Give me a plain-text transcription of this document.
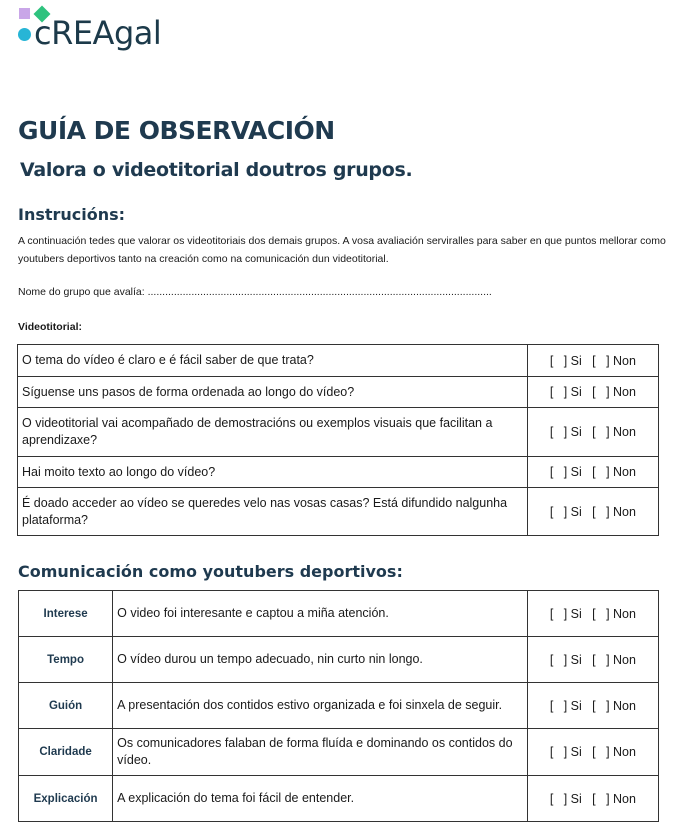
cREAgal
GUÍA DE OBSERVACIÓN
Valora o videotitorial doutros grupos.
Instrucións:
A continuación tedes que valorar os videotitoriais dos demais grupos. A vosa avaliación serviralles para saber en que puntos mellorar como youtubers deportivos tanto na creación como na comunicación dun videotitorial.
Nome do grupo que avalía: ......................................................................................................................
Videotitorial:
O tema do vídeo é claro e é fácil saber de que trata?	[   ] Si   [   ] Non
Síguense uns pasos de forma ordenada ao longo do vídeo?	[   ] Si   [   ] Non
O videotitorial vai acompañado de demostracións ou exemplos visuais que facilitan a aprendizaxe?	[   ] Si   [   ] Non
Hai moito texto ao longo do vídeo?	[   ] Si   [   ] Non
É doado acceder ao vídeo se queredes velo nas vosas casas? Está difundido nalgunha plataforma?	[   ] Si   [   ] Non
Comunicación como youtubers deportivos:
Interese	O video foi interesante e captou a miña atención.	[   ] Si   [   ] Non
Tempo	O vídeo durou un tempo adecuado, nin curto nin longo.	[   ] Si   [   ] Non
Guión	A presentación dos contidos estivo organizada e foi sinxela de seguir.	[   ] Si   [   ] Non
Claridade	Os comunicadores falaban de forma fluída e dominando os contidos do vídeo.	[   ] Si   [   ] Non
Explicación	A explicación do tema foi fácil de entender.	[   ] Si   [   ] Non
